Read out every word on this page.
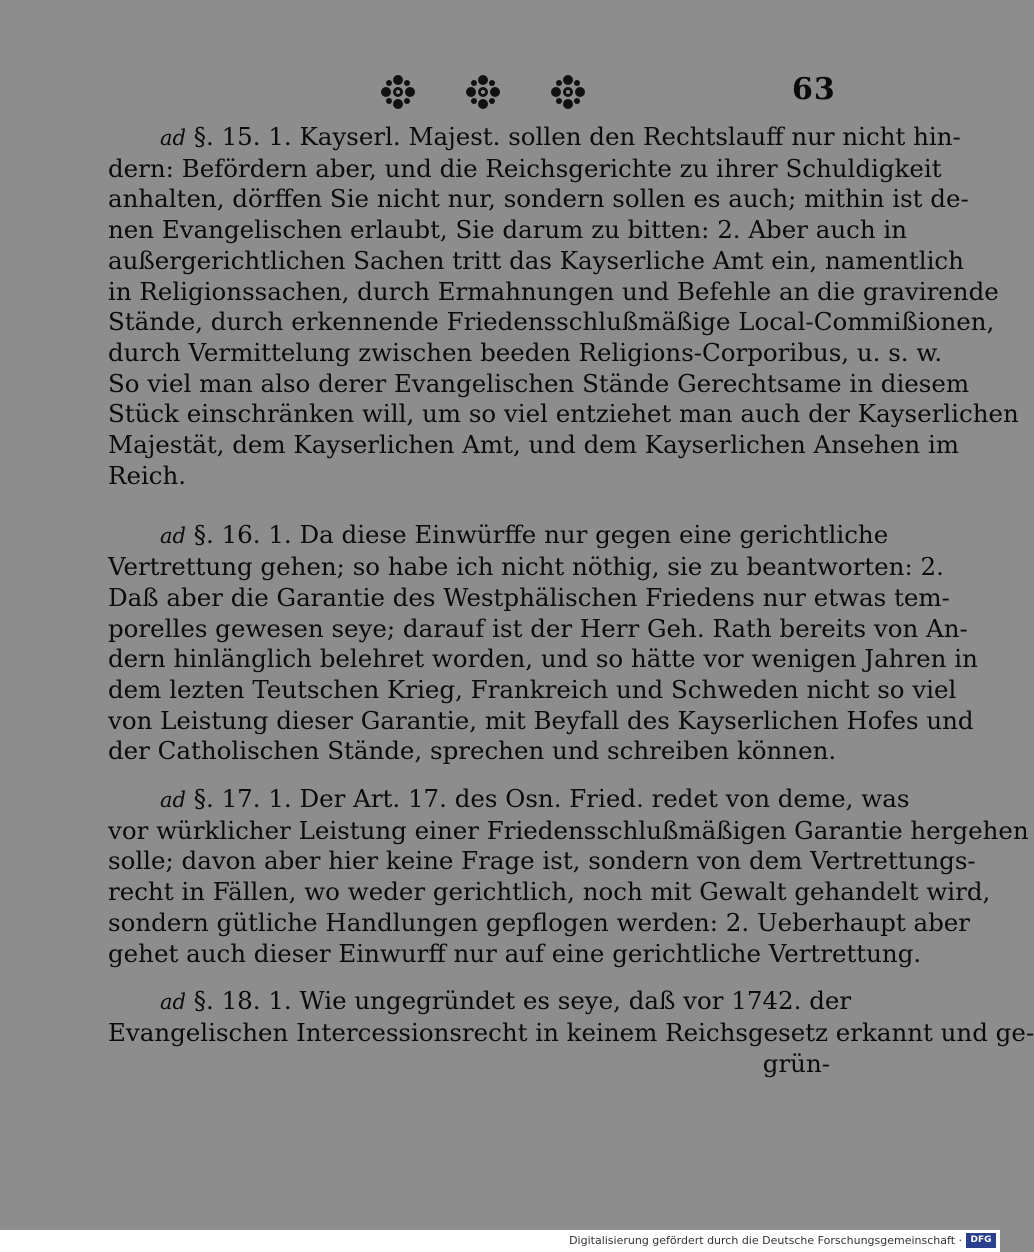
63

ad §. 15. 1. Kayserl. Majest. sollen den Rechtslauff nur nicht hin-
dern: Befördern aber, und die Reichsgerichte zu ihrer Schuldigkeit
anhalten, dörffen Sie nicht nur, sondern sollen es auch; mithin ist de-
nen Evangelischen erlaubt, Sie darum zu bitten: 2. Aber auch in
außergerichtlichen Sachen tritt das Kayserliche Amt ein, namentlich
in Religionssachen, durch Ermahnungen und Befehle an die gravirende
Stände, durch erkennende Friedensschlußmäßige Local-Commißionen,
durch Vermittelung zwischen beeden Religions-Corporibus, u. s. w.
So viel man also derer Evangelischen Stände Gerechtsame in diesem
Stück einschränken will, um so viel entziehet man auch der Kayserlichen
Majestät, dem Kayserlichen Amt, und dem Kayserlichen Ansehen im
Reich.

ad §. 16. 1. Da diese Einwürffe nur gegen eine gerichtliche
Vertrettung gehen; so habe ich nicht nöthig, sie zu beantworten: 2.
Daß aber die Garantie des Westphälischen Friedens nur etwas tem-
porelles gewesen seye; darauf ist der Herr Geh. Rath bereits von An-
dern hinlänglich belehret worden, und so hätte vor wenigen Jahren in
dem lezten Teutschen Krieg, Frankreich und Schweden nicht so viel
von Leistung dieser Garantie, mit Beyfall des Kayserlichen Hofes und
der Catholischen Stände, sprechen und schreiben können.

ad §. 17. 1. Der Art. 17. des Osn. Fried. redet von deme, was
vor würklicher Leistung einer Friedensschlußmäßigen Garantie hergehen
solle; davon aber hier keine Frage ist, sondern von dem Vertrettungs-
recht in Fällen, wo weder gerichtlich, noch mit Gewalt gehandelt wird,
sondern gütliche Handlungen gepflogen werden: 2. Ueberhaupt aber
gehet auch dieser Einwurff nur auf eine gerichtliche Vertrettung.

ad §. 18. 1. Wie ungegründet es seye, daß vor 1742. der
Evangelischen Intercessionsrecht in keinem Reichsgesetz erkannt und ge-
grün-

Digitalisierung gefördert durch die Deutsche Forschungsgemeinschaft · DFG
